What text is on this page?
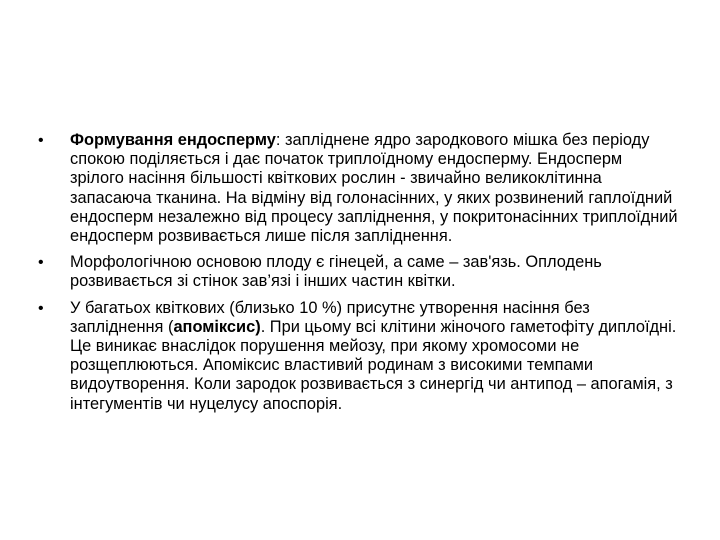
• Формування ендосперму: запліднене ядро зародкового мішка без періоду спокою поділяється і дає початок триплоїдному ендосперму. Ендосперм зрілого насіння більшості квіткових рослин - звичайно великоклітинна запасаюча тканина. На відміну від голонасінних, у яких розвинений гаплоїдний ендосперм незалежно від процесу запліднення, у покритонасінних триплоїдний ендосперм розвивається лише після запліднення.
• Морфологічною основою плоду є гінецей, а саме – зав'язь. Оплодень розвивається зі стінок зав’язі і інших частин квітки.
• У багатьох квіткових (близько 10 %) присутнє утворення насіння без запліднення (апоміксис). При цьому всі клітини жіночого гаметофіту диплоїдні. Це виникає внаслідок порушення мейозу, при якому хромосоми не розщеплюються. Апоміксис властивий родинам з високими темпами видоутворення. Коли зародок розвивається з синергід чи антипод – апогамія, з інтегументів чи нуцелусу апоспорія.
